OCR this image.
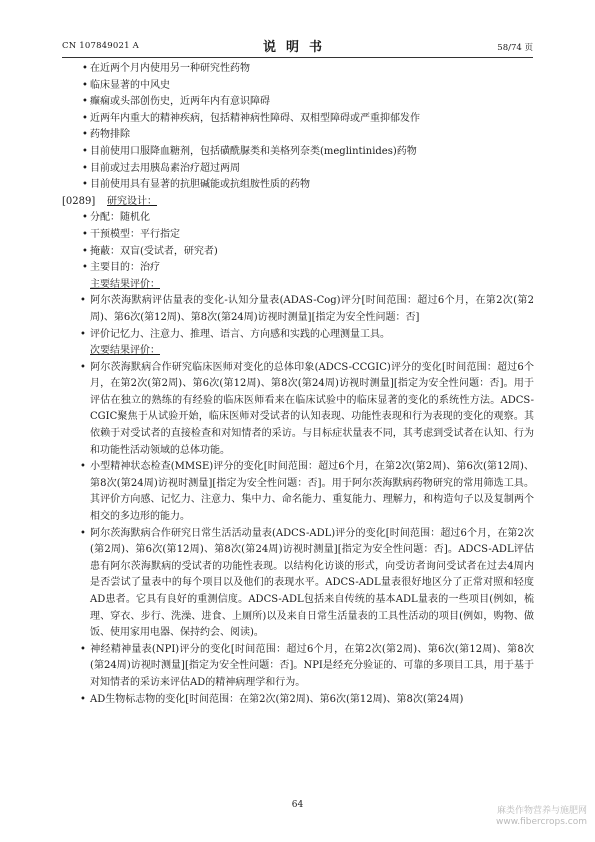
CN 107849021 A	说明书	58/74 页

• 在近两个月内使用另一种研究性药物

• 临床显著的中风史

• 癫痫或头部创伤史，近两年内有意识障碍

• 近两年内重大的精神疾病，包括精神病性障碍、双相型障碍或严重抑郁发作

• 药物排除

• 目前使用口服降血糖剂，包括磺酰脲类和美格列奈类(meglintinides)药物

• 目前或过去用胰岛素治疗超过两周

• 目前使用具有显著的抗胆碱能或抗组胺性质的药物

[0289]	研究设计：

• 分配：随机化

• 干预模型：平行指定

• 掩蔽：双盲(受试者，研究者)

• 主要目的：治疗

主要结果评价：

• 阿尔茨海默病评估量表的变化-认知分量表(ADAS-Cog)评分[时间范围：超过6个月，在第2次(第2周)、第6次(第12周)、第8次(第24周)访视时测量][指定为安全性问题：否]

• 评价记忆力、注意力、推理、语言、方向感和实践的心理测量工具。

次要结果评价：

• 阿尔茨海默病合作研究临床医师对变化的总体印象(ADCS-CCGIC)评分的变化[时间范围：超过6个月，在第2次(第2周)、第6次(第12周)、第8次(第24周)访视时测量][指定为安全性问题：否]。用于评估在独立的熟练的有经验的临床医师看来在临床试验中的临床显著的变化的系统性方法。ADCS-CGIC聚焦于从试验开始，临床医师对受试者的认知表现、功能性表现和行为表现的变化的观察。其依赖于对受试者的直接检查和对知情者的采访。与目标症状量表不同，其考虑到受试者在认知、行为和功能性活动领域的总体功能。

• 小型精神状态检查(MMSE)评分的变化[时间范围：超过6个月，在第2次(第2周)、第6次(第12周)、第8次(第24周)访视时测量][指定为安全性问题：否]。用于阿尔茨海默病药物研究的常用筛选工具。其评价方向感、记忆力、注意力、集中力、命名能力、重复能力、理解力，和构造句子以及复制两个相交的多边形的能力。

• 阿尔茨海默病合作研究日常生活活动量表(ADCS-ADL)评分的变化[时间范围：超过6个月，在第2次(第2周)、第6次(第12周)、第8次(第24周)访视时测量][指定为安全性问题：否]。ADCS-ADL评估患有阿尔茨海默病的受试者的功能性表现。以结构化访谈的形式，向受访者询问受试者在过去4周内是否尝试了量表中的每个项目以及他们的表现水平。ADCS-ADL量表很好地区分了正常对照和轻度AD患者。它具有良好的重测信度。ADCS-ADL包括来自传统的基本ADL量表的一些项目(例如，梳理、穿衣、步行、洗澡、进食、上厕所)以及来自日常生活量表的工具性活动的项目(例如，购物、做饭、使用家用电器、保持约会、阅读)。

• 神经精神量表(NPI)评分的变化[时间范围：超过6个月，在第2次(第2周)、第6次(第12周)、第8次(第24周)访视时测量][指定为安全性问题：否]。NPI是经充分验证的、可靠的多项目工具，用于基于对知情者的采访来评估AD的精神病理学和行为。

• AD生物标志物的变化[时间范围：在第2次(第2周)、第6次(第12周)、第8次(第24周)

64
麻类作物营养与施肥网
www.fibercrops.com
